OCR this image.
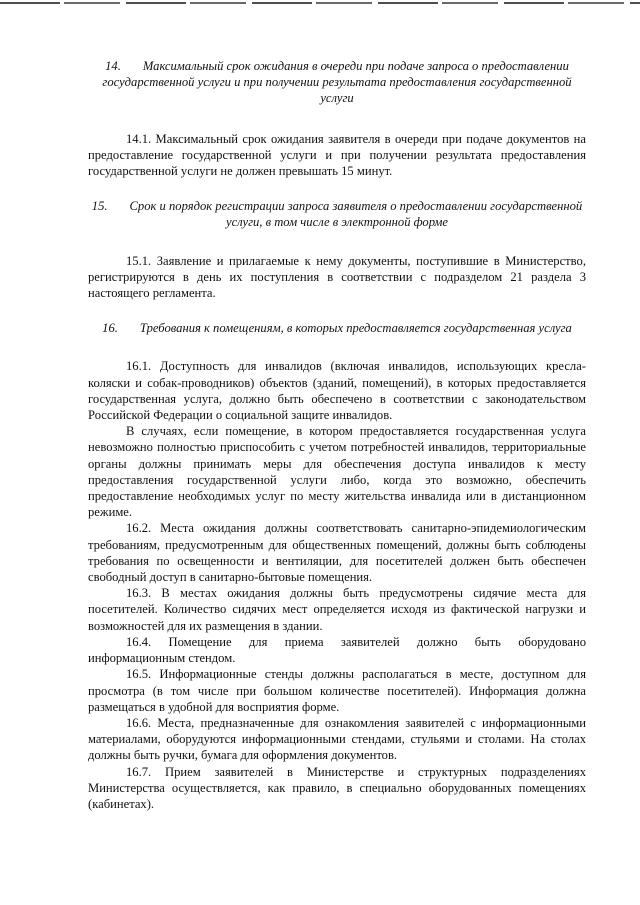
14. Максимальный срок ожидания в очереди при подаче запроса о предоставлении государственной услуги и при получении результата предоставления государственной услуги

14.1. Максимальный срок ожидания заявителя в очереди при подаче документов на предоставление государственной услуги и при получении результата предоставления государственной услуги не должен превышать 15 минут.

15. Срок и порядок регистрации запроса заявителя о предоставлении государственной услуги, в том числе в электронной форме

15.1. Заявление и прилагаемые к нему документы, поступившие в Министерство, регистрируются в день их поступления в соответствии с подразделом 21 раздела 3 настоящего регламента.

16. Требования к помещениям, в которых предоставляется государственная услуга

16.1. Доступность для инвалидов (включая инвалидов, использующих кресла-коляски и собак-проводников) объектов (зданий, помещений), в которых предоставляется государственная услуга, должно быть обеспечено в соответствии с законодательством Российской Федерации о социальной защите инвалидов.

В случаях, если помещение, в котором предоставляется государственная услуга невозможно полностью приспособить с учетом потребностей инвалидов, территориальные органы должны принимать меры для обеспечения доступа инвалидов к месту предоставления государственной услуги либо, когда это возможно, обеспечить предоставление необходимых услуг по месту жительства инвалида или в дистанционном режиме.

16.2. Места ожидания должны соответствовать санитарно-эпидемиологическим требованиям, предусмотренным для общественных помещений, должны быть соблюдены требования по освещенности и вентиляции, для посетителей должен быть обеспечен свободный доступ в санитарно-бытовые помещения.

16.3. В местах ожидания должны быть предусмотрены сидячие места для посетителей. Количество сидячих мест определяется исходя из фактической нагрузки и возможностей для их размещения в здании.

16.4. Помещение для приема заявителей должно быть оборудовано информационным стендом.

16.5. Информационные стенды должны располагаться в месте, доступном для просмотра (в том числе при большом количестве посетителей). Информация должна размещаться в удобной для восприятия форме.

16.6. Места, предназначенные для ознакомления заявителей с информационными материалами, оборудуются информационными стендами, стульями и столами. На столах должны быть ручки, бумага для оформления документов.

16.7. Прием заявителей в Министерстве и структурных подразделениях Министерства осуществляется, как правило, в специально оборудованных помещениях (кабинетах).
